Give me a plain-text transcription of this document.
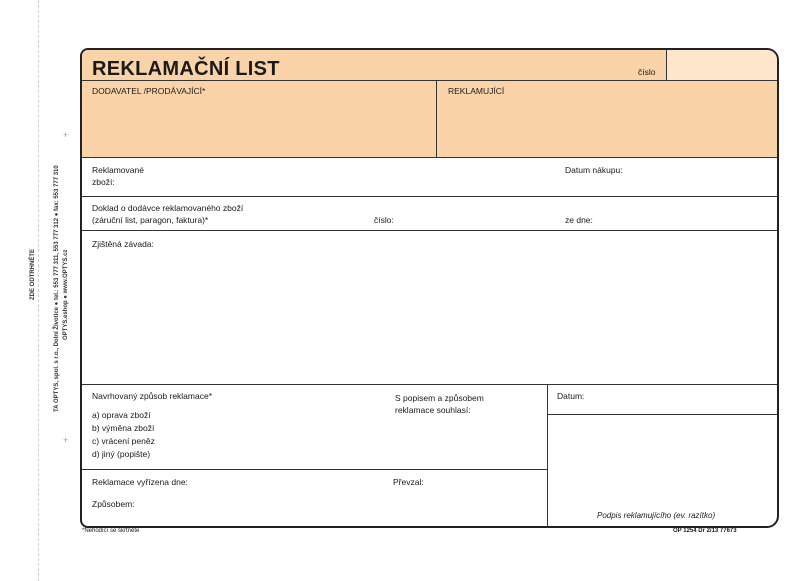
ZDE ODTRHNĚTE	TA OPTYS, spol. s r.o., Dolní Životice ● tel.: 553 777 311, 553 777 312 ● fax: 553 777 310 OPTYS.eshop ● www.OPTYS.cz
+
+
REKLAMAČNÍ LIST	číslo
DODAVATEL /PRODÁVAJÍCÍ*	REKLAMUJÍCÍ
Reklamované
zboží:
Datum nákupu:
Doklad o dodávce reklamovaného zboží
(záruční list, paragon, faktura)*	číslo:	ze dne:
Zjištěná závada:
Navrhovaný způsob reklamace*
a) oprava zboží
b) výměna zboží
c) vrácení peněz
d) jiný (popište)
S popisem a způsobem
reklamace souhlasí:
Datum:
Reklamace vyřízena dne:	Převzal:
Způsobem:
Podpis reklamujícího (ev. razítko)
*Nehodící se škrtněte	OP 1254 Dr 2/13 77673
